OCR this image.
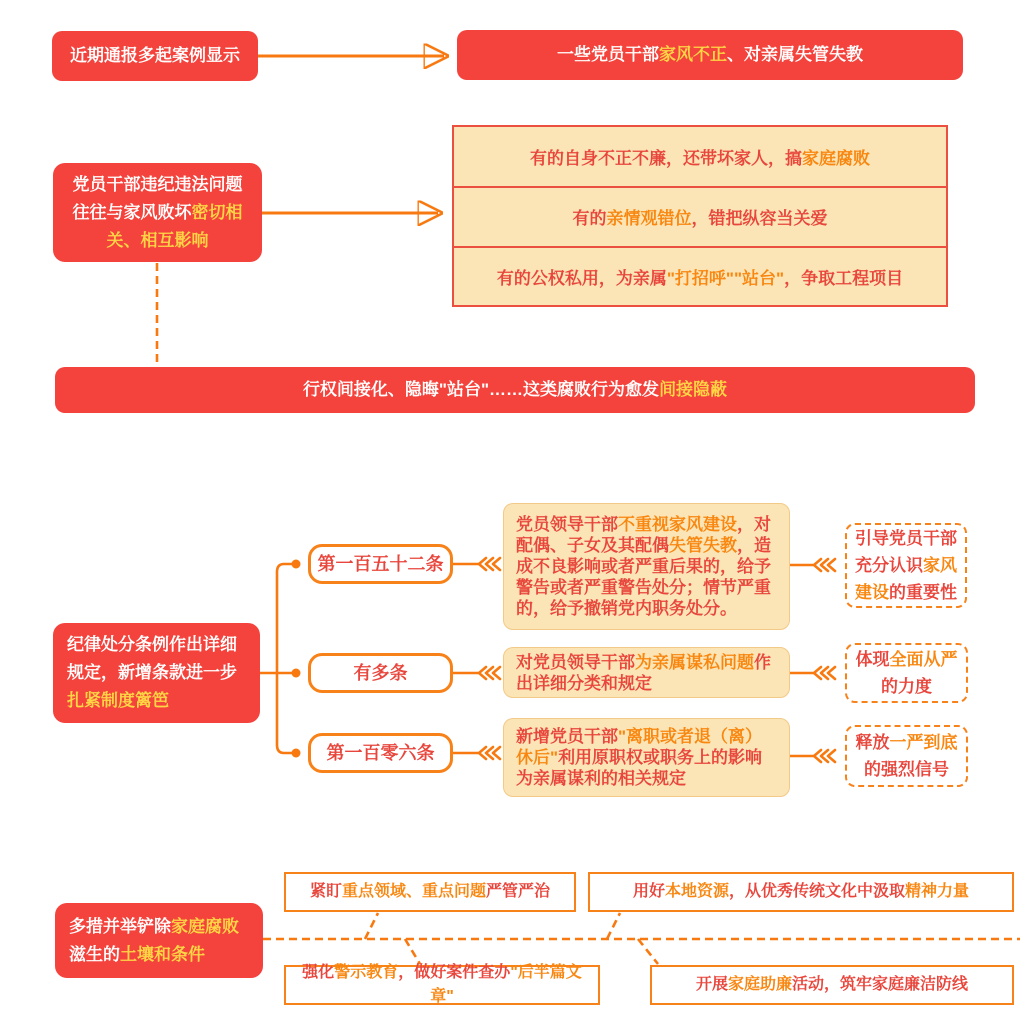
近期通报多起案例显示	一些党员干部家风不正、对亲属失管失教
党员干部违纪违法问题往往与家风败坏密切相关、相互影响
有的自身不正不廉，还带坏家人，搞家庭腐败
有的亲情观错位，错把纵容当关爱
有的公权私用，为亲属"打招呼""站台"，争取工程项目
行权间接化、隐晦"站台"……这类腐败行为愈发间接隐蔽
纪律处分条例作出详细规定，新增条款进一步扎紧制度篱笆
第一百五十二条
有多条
第一百零六条
党员领导干部不重视家风建设，对配偶、子女及其配偶失管失教，造成不良影响或者严重后果的，给予警告或者严重警告处分；情节严重的，给予撤销党内职务处分。
对党员领导干部为亲属谋私问题作出详细分类和规定
新增党员干部"离职或者退（离）休后"利用原职权或职务上的影响为亲属谋利的相关规定
引导党员干部充分认识家风建设的重要性
体现全面从严的力度
释放一严到底的强烈信号
多措并举铲除家庭腐败滋生的土壤和条件
紧盯重点领域、重点问题严管严治	用好本地资源，从优秀传统文化中汲取精神力量
强化警示教育，做好案件查办"后半篇文章"
开展家庭助廉活动，筑牢家庭廉洁防线
